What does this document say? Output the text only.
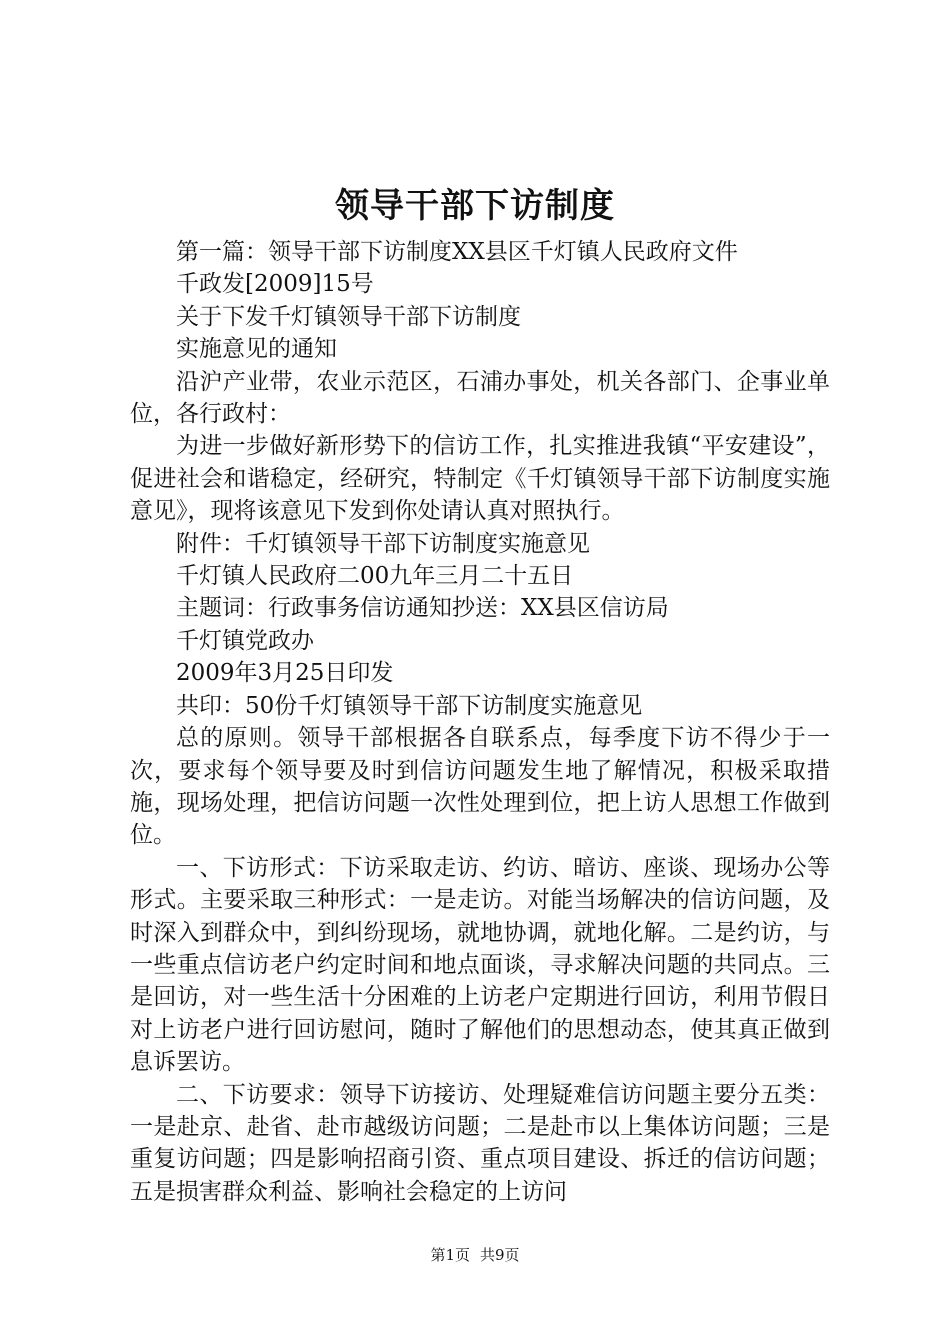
领导干部下访制度

第一篇：领导干部下访制度XX县区千灯镇人民政府文件

千政发[2009]15号

关于下发千灯镇领导干部下访制度

实施意见的通知

沿沪产业带，农业示范区，石浦办事处，机关各部门、企事业单位，各行政村：

为进一步做好新形势下的信访工作，扎实推进我镇“平安建设”，促进社会和谐稳定，经研究，特制定《千灯镇领导干部下访制度实施意见》，现将该意见下发到你处请认真对照执行。

附件：千灯镇领导干部下访制度实施意见

千灯镇人民政府二00九年三月二十五日

主题词：行政事务信访通知抄送：XX县区信访局

千灯镇党政办

2009年3月25日印发

共印：50份千灯镇领导干部下访制度实施意见

总的原则。领导干部根据各自联系点，每季度下访不得少于一次，要求每个领导要及时到信访问题发生地了解情况，积极采取措施，现场处理，把信访问题一次性处理到位，把上访人思想工作做到位。

一、下访形式：下访采取走访、约访、暗访、座谈、现场办公等形式。主要采取三种形式：一是走访。对能当场解决的信访问题，及时深入到群众中，到纠纷现场，就地协调，就地化解。二是约访，与一些重点信访老户约定时间和地点面谈，寻求解决问题的共同点。三是回访，对一些生活十分困难的上访老户定期进行回访，利用节假日对上访老户进行回访慰问，随时了解他们的思想动态，使其真正做到息诉罢访。

二、下访要求：领导下访接访、处理疑难信访问题主要分五类：一是赴京、赴省、赴市越级访问题；二是赴市以上集体访问题；三是重复访问题；四是影响招商引资、重点项目建设、拆迁的信访问题；五是损害群众利益、影响社会稳定的上访问

第1页 共9页
